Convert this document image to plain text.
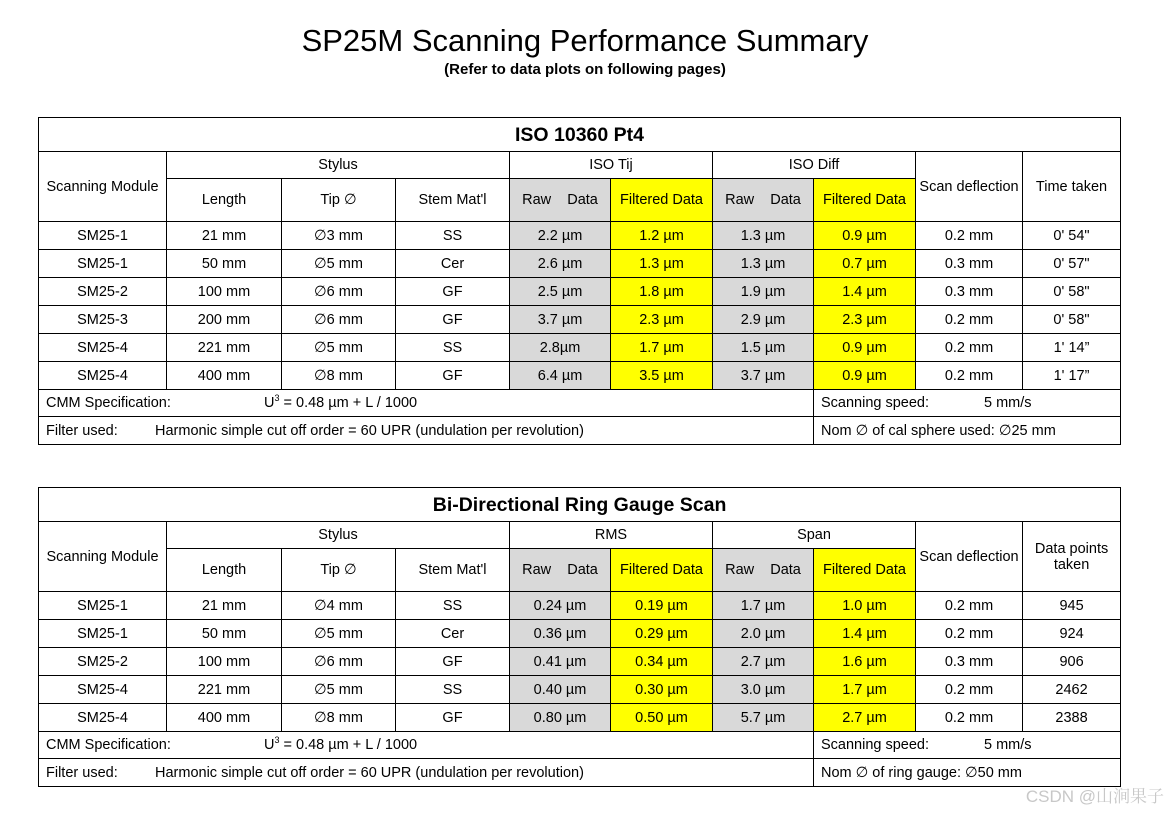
SP25M Scanning Performance Summary
(Refer to data plots on following pages)
ISO 10360 Pt4									
Scanning Module	Stylus			ISO Tij		ISO Diff		Scan deflection	Time taken
	Length	Tip ∅	Stem Mat'l	Raw    Data	Filtered Data	Raw    Data	Filtered Data		
SM25-1	21 mm	∅3 mm	SS	2.2 µm	1.2 µm	1.3 µm	0.9 µm	0.2 mm	0' 54"
SM25-1	50 mm	∅5 mm	Cer	2.6 µm	1.3 µm	1.3 µm	0.7 µm	0.3 mm	0' 57"
SM25-2	100 mm	∅6 mm	GF	2.5 µm	1.8 µm	1.9 µm	1.4 µm	0.3 mm	0' 58"
SM25-3	200 mm	∅6 mm	GF	3.7 µm	2.3 µm	2.9 µm	2.3 µm	0.2 mm	0' 58"
SM25-4	221 mm	∅5 mm	SS	2.8µm	1.7 µm	1.5 µm	0.9 µm	0.2 mm	1' 14”
SM25-4	400 mm	∅8 mm	GF	6.4 µm	3.5 µm	3.7 µm	0.9 µm	0.2 mm	1' 17”
CMM Specification: $U^3 = 0.48$ µm + L / 1000							Scanning speed: 5 mm/s		
Filter used: Harmonic simple cut off order = 60 UPR (undulation per revolution)							Nom ∅ of cal sphere used: ∅25 mm		
Bi-Directional Ring Gauge Scan									
Scanning Module	Stylus			RMS		Span		Scan deflection	Data points taken
	Length	Tip ∅	Stem Mat'l	Raw    Data	Filtered Data	Raw    Data	Filtered Data		
SM25-1	21 mm	∅4 mm	SS	0.24 µm	0.19 µm	1.7 µm	1.0 µm	0.2 mm	945
SM25-1	50 mm	∅5 mm	Cer	0.36 µm	0.29 µm	2.0 µm	1.4 µm	0.2 mm	924
SM25-2	100 mm	∅6 mm	GF	0.41 µm	0.34 µm	2.7 µm	1.6 µm	0.3 mm	906
SM25-4	221 mm	∅5 mm	SS	0.40 µm	0.30 µm	3.0 µm	1.7 µm	0.2 mm	2462
SM25-4	400 mm	∅8 mm	GF	0.80 µm	0.50 µm	5.7 µm	2.7 µm	0.2 mm	2388
CMM Specification: $U^3 = 0.48$ µm + L / 1000							Scanning speed: 5 mm/s		
Filter used: Harmonic simple cut off order = 60 UPR (undulation per revolution)							Nom ∅ of ring gauge: ∅50 mm		
CSDN @山涧果子
